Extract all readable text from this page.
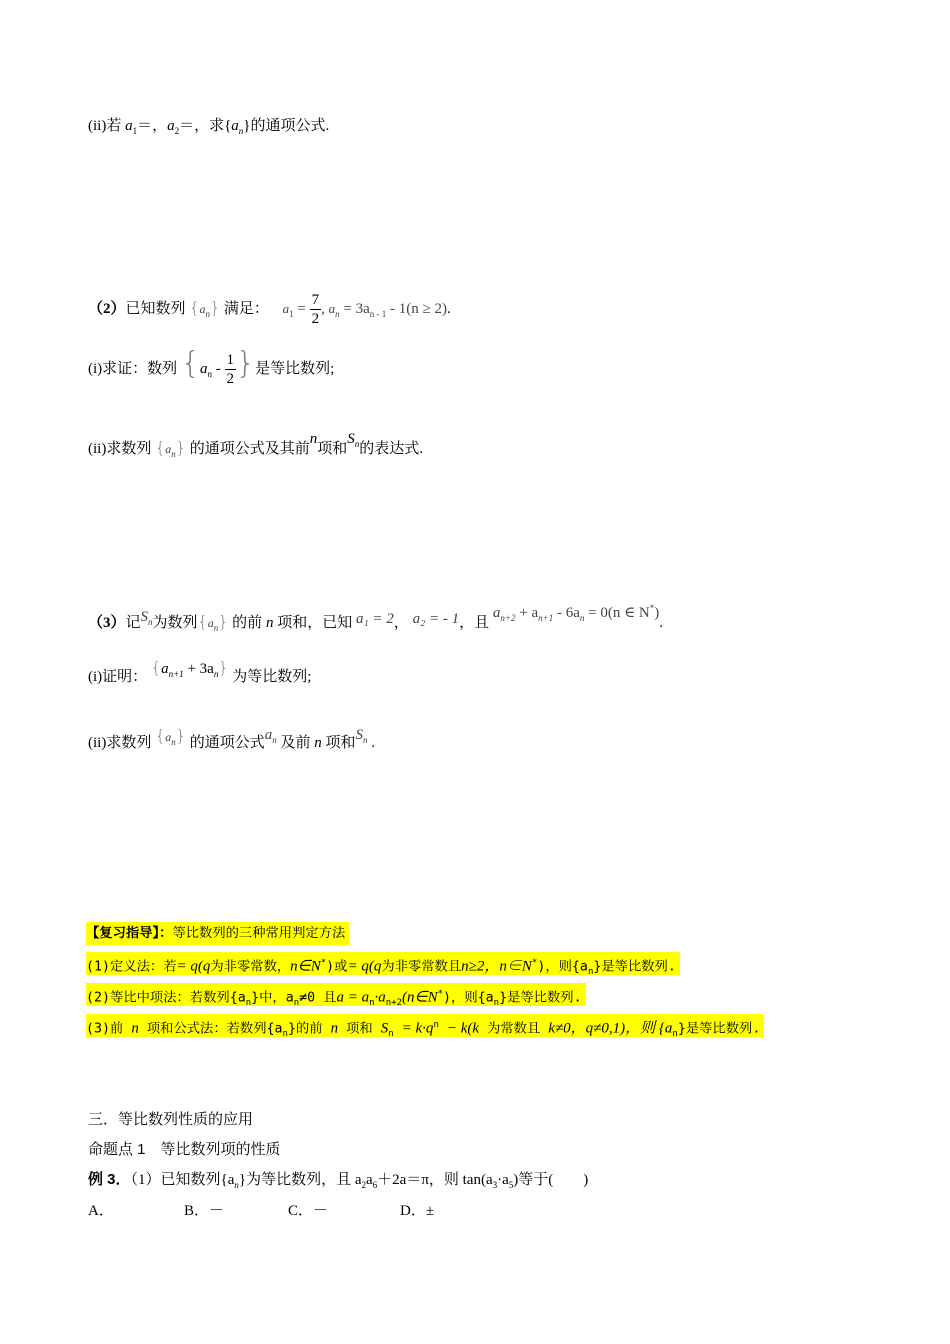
(ii)若 $a_1=$，$a_2=$，求$\{a_n\}$的通项公式.
（2）已知数列 $\{a_n\}$ 满足： $a_1 = \frac{7}{2}$ , $a_n = 3a_{n - 1} - 1(n \ge 2)$.
(i)求证：数列 {$a_n - \frac{1}{2}$ }是等比数列;
(ii)求数列 $\{a_n\}$ 的通项公式及其前n项和$S_n$的表达式.
（3）记$S_n$为数列$\{a_n\}$ 的前 n 项和，已知 a₁ = 2， a₂ = - 1，且 $a_{n+2} + a_{n+1} - 6a_n = 0(n$ ∈ N*).
(i)证明： $\{a_{n+1} + 3a_n\}$ 为等比数列;
(ii)求数列 {$^a_n$} 的通项公式$a_n$ 及前 n 项和$S_n$ .
【复习指导】：等比数列的三种常用判定方法
(1)定义法：若= q(q为非零常数，n∈N*)或= q(q为非零常数且n≥2，n∈N*)，则$\{a_n\}$是等比数列.
(2)等比中项法：若数列$\{a_n\}$中，$a_n\ne 0$ 且$a = a_n\cdot a_{n+2}(n\in N^*)$，则$\{a_n\}$是等比数列.
(3)前 n 项和公式法：若数列$\{a_n\}$的前 n 项和 $S_n = k\cdot q^n - k(k$ 为常数且 k≠0，q≠0,1)，则 $\{a_n\}$是等比数列.
三．等比数列性质的应用
命题点 1　等比数列项的性质
例 3．（1）已知数列$\{a_n\}$为等比数列，且 $a_2a_6+2a=\pi$，则 $\tan(a_3\cdot a_5)$等于(　　)
A．	B．－	C．－	D．±
